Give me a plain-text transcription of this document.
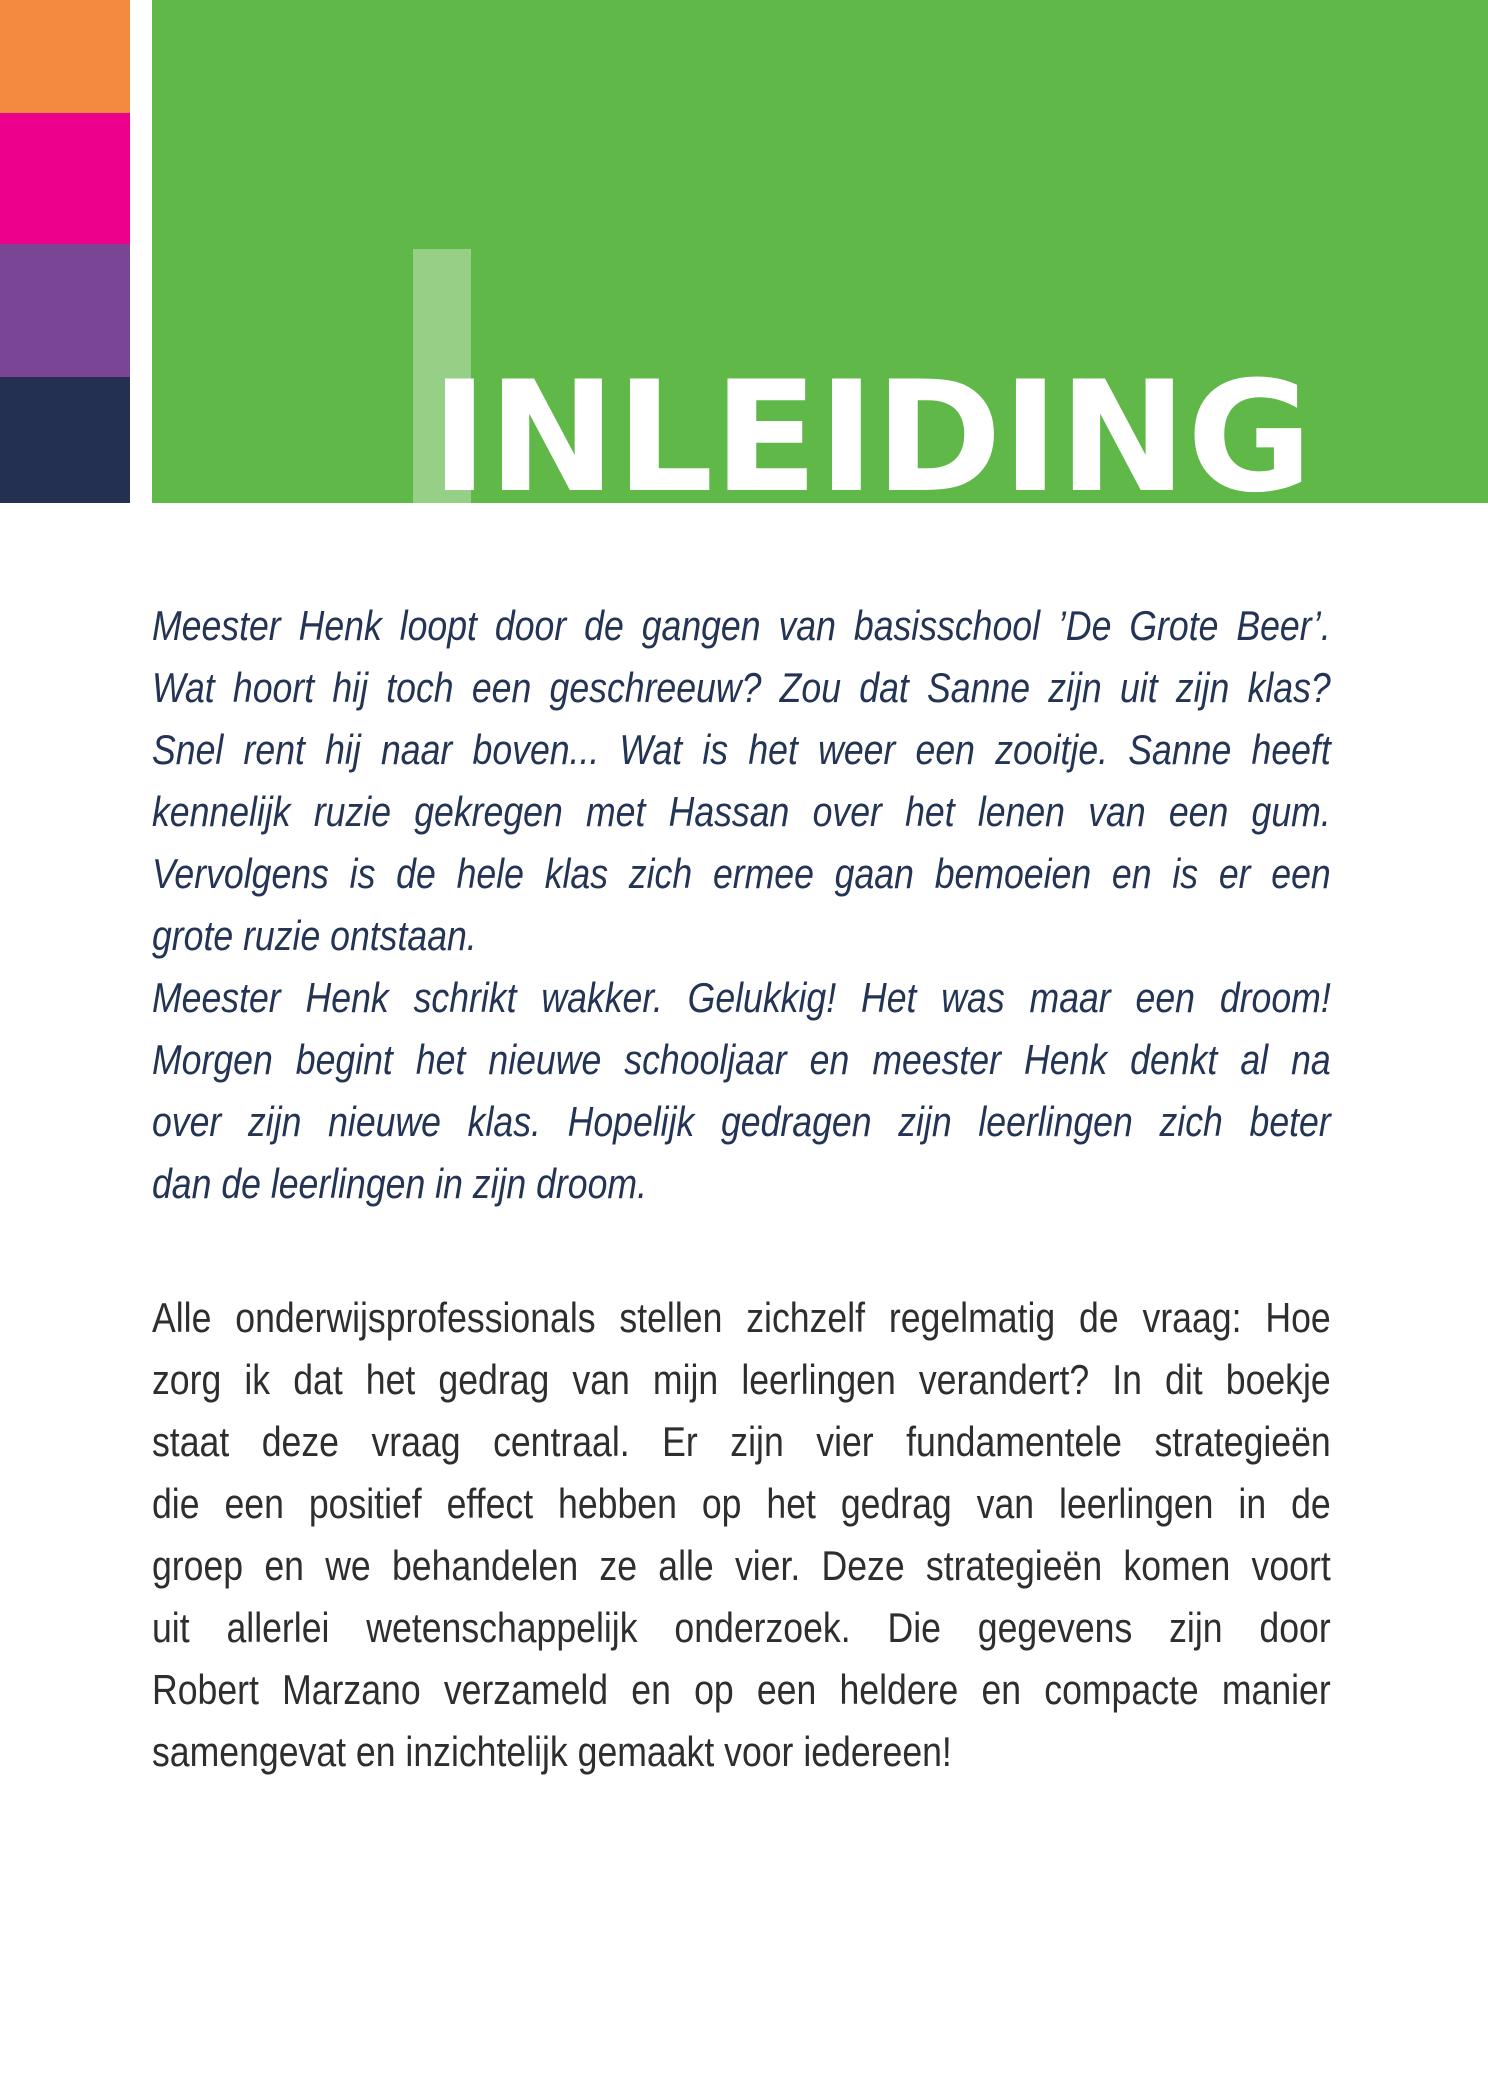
INLEIDING
Meester Henk loopt door de gangen van basisschool ’De Grote Beer’.
Wat hoort hij toch een geschreeuw? Zou dat Sanne zijn uit zijn klas?
Snel rent hij naar boven... Wat is het weer een zooitje. Sanne heeft
kennelijk ruzie gekregen met Hassan over het lenen van een gum.
Vervolgens is de hele klas zich ermee gaan bemoeien en is er een
grote ruzie ontstaan.
Meester Henk schrikt wakker. Gelukkig! Het was maar een droom!
Morgen begint het nieuwe schooljaar en meester Henk denkt al na
over zijn nieuwe klas. Hopelijk gedragen zijn leerlingen zich beter
dan de leerlingen in zijn droom.
Alle onderwijsprofessionals stellen zichzelf regelmatig de vraag: Hoe
zorg ik dat het gedrag van mijn leerlingen verandert? In dit boekje
staat deze vraag centraal. Er zijn vier fundamentele strategieën
die een positief effect hebben op het gedrag van leerlingen in de
groep en we behandelen ze alle vier. Deze strategieën komen voort
uit allerlei wetenschappelijk onderzoek. Die gegevens zijn door
Robert Marzano verzameld en op een heldere en compacte manier
samengevat en inzichtelijk gemaakt voor iedereen!
